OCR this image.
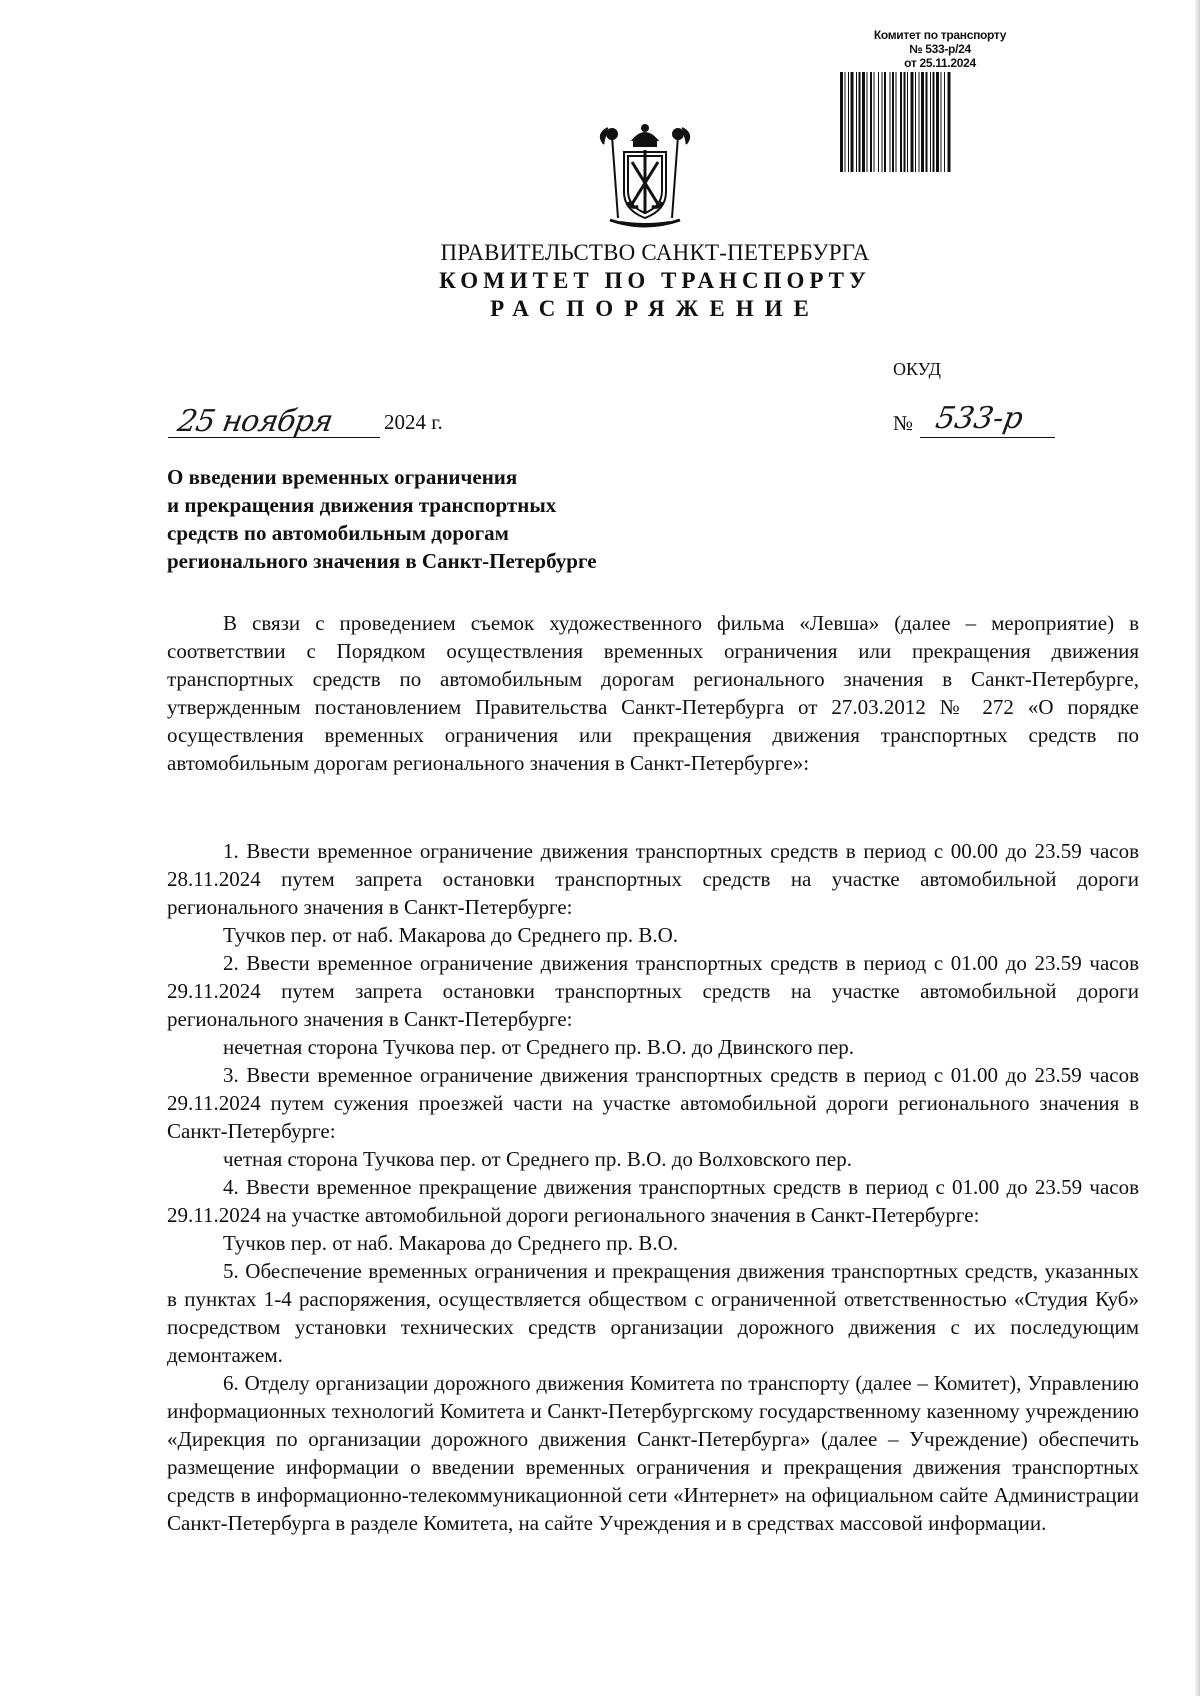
Комитет по транспорту
№ 533-р/24
от 25.11.2024
ПРАВИТЕЛЬСТВО САНКТ-ПЕТЕРБУРГА
КОМИТЕТ ПО ТРАНСПОРТУ
РАСПОРЯЖЕНИЕ
ОКУД
25 ноября 2024 г.	№ 533-р
О введении временных ограничения
и прекращения движения транспортных
средств по автомобильным дорогам
регионального значения в Санкт-Петербурге

В связи с проведением съемок художественного фильма «Левша» (далее – мероприятие) в соответствии с Порядком осуществления временных ограничения или прекращения движения транспортных средств по автомобильным дорогам регионального значения в Санкт-Петербурге, утвержденным постановлением Правительства Санкт-Петербурга от 27.03.2012 № 272 «О порядке осуществления временных ограничения или прекращения движения транспортных средств по автомобильным дорогам регионального значения в Санкт-Петербурге»:

1. Ввести временное ограничение движения транспортных средств в период с 00.00 до 23.59 часов 28.11.2024 путем запрета остановки транспортных средств на участке автомобильной дороги регионального значения в Санкт-Петербурге:

Тучков пер. от наб. Макарова до Среднего пр. В.О.

2. Ввести временное ограничение движения транспортных средств в период с 01.00 до 23.59 часов 29.11.2024 путем запрета остановки транспортных средств на участке автомобильной дороги регионального значения в Санкт-Петербурге:

нечетная сторона Тучкова пер. от Среднего пр. В.О. до Двинского пер.

3. Ввести временное ограничение движения транспортных средств в период с 01.00 до 23.59 часов 29.11.2024 путем сужения проезжей части на участке автомобильной дороги регионального значения в Санкт-Петербурге:

четная сторона Тучкова пер. от Среднего пр. В.О. до Волховского пер.

4. Ввести временное прекращение движения транспортных средств в период с 01.00 до 23.59 часов 29.11.2024 на участке автомобильной дороги регионального значения в Санкт-Петербурге:

Тучков пер. от наб. Макарова до Среднего пр. В.О.

5. Обеспечение временных ограничения и прекращения движения транспортных средств, указанных в пунктах 1-4 распоряжения, осуществляется обществом с ограниченной ответственностью «Студия Куб» посредством установки технических средств организации дорожного движения с их последующим демонтажем.

6. Отделу организации дорожного движения Комитета по транспорту (далее – Комитет), Управлению информационных технологий Комитета и Санкт-Петербургскому государственному казенному учреждению «Дирекция по организации дорожного движения Санкт-Петербурга» (далее – Учреждение) обеспечить размещение информации о введении временных ограничения и прекращения движения транспортных средств в информационно-телекоммуникационной сети «Интернет» на официальном сайте Администрации Санкт-Петербурга в разделе Комитета, на сайте Учреждения и в средствах массовой информации.
